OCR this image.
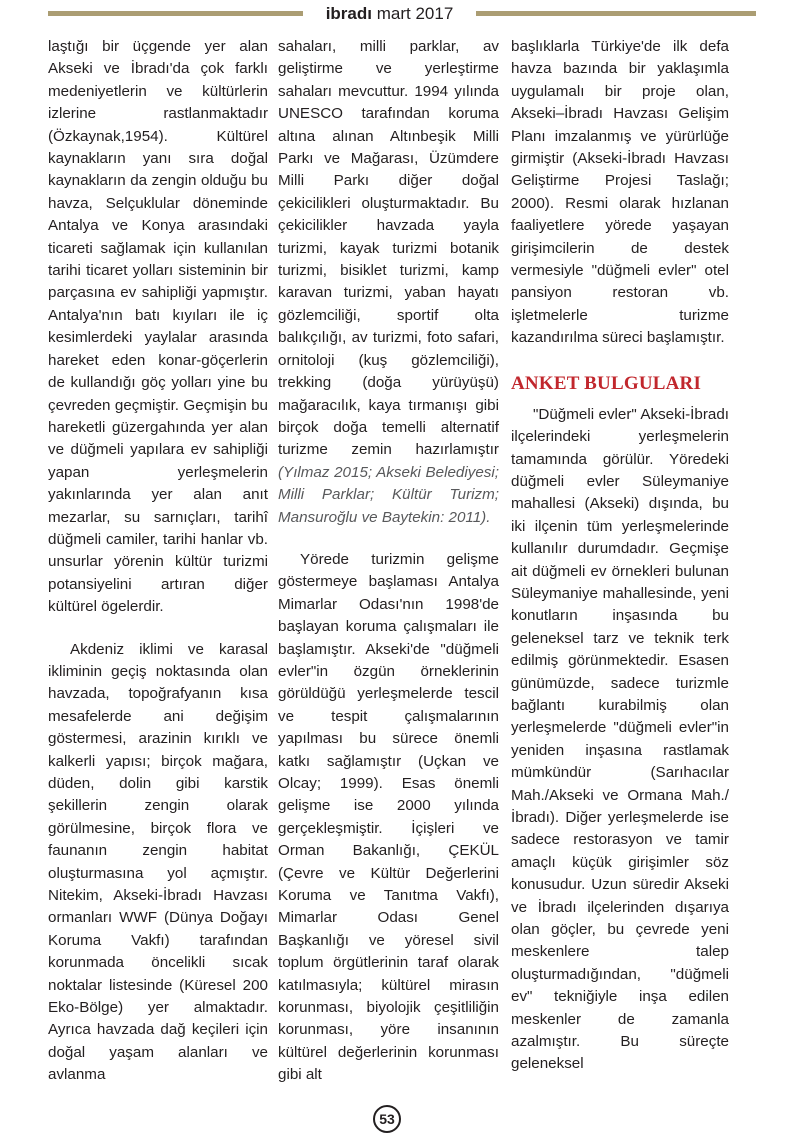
ibradı mart 2017

laştığı bir üçgende yer alan Akseki ve İbradı'da çok farklı medeniyetlerin ve kültürlerin izlerine rastlanmaktadır (Özkaynak,1954). Kültürel kaynakların yanı sıra doğal kaynakların da zengin olduğu bu havza, Selçuklular döneminde Antalya ve Konya arasındaki ticareti sağlamak için kullanılan tarihi ticaret yolları sisteminin bir parçasına ev sahipliği yapmıştır. Antalya'nın batı kıyıları ile iç kesimlerdeki yaylalar arasında hareket eden konar-göçerlerin de kullandığı göç yolları yine bu çevreden geçmiştir. Geçmişin bu hareketli güzergahında yer alan ve düğmeli yapılara ev sahipliği yapan yerleşmelerin yakınlarında yer alan anıt mezarlar, su sarnıçları, tarihî düğmeli camiler, tarihi hanlar vb. unsurlar yörenin kültür turizmi potansiyelini artıran diğer kültürel ögelerdir.

Akdeniz iklimi ve karasal ikliminin geçiş noktasında olan havzada, topoğrafyanın kısa mesafelerde ani değişim göstermesi, arazinin kırıklı ve kalkerli yapısı; birçok mağara, düden, dolin gibi karstik şekillerin zengin olarak görülmesine, birçok flora ve faunanın zengin habitat oluşturmasına yol açmıştır. Nitekim, Akseki-İbradı Havzası ormanları WWF (Dünya Doğayı Koruma Vakfı) tarafından korunmada öncelikli sıcak noktalar listesinde (Küresel 200 Eko-Bölge) yer almaktadır. Ayrıca havzada dağ keçileri için doğal yaşam alanları ve avlanma

sahaları, milli parklar, av geliştirme ve yerleştirme sahaları mevcuttur. 1994 yılında UNESCO tarafından koruma altına alınan Altınbeşik Milli Parkı ve Mağarası, Üzümdere Milli Parkı diğer doğal çekicilikleri oluşturmaktadır. Bu çekicilikler havzada yayla turizmi, kayak turizmi botanik turizmi, bisiklet turizmi, kamp karavan turizmi, yaban hayatı gözlemciliği, sportif olta balıkçılığı, av turizmi, foto safari, ornitoloji (kuş gözlemciliği), trekking (doğa yürüyüşü) mağaracılık, kaya tırmanışı gibi birçok doğa temelli alternatif turizme zemin hazırlamıştır (Yılmaz 2015; Akseki Belediyesi; Milli Parklar; Kültür Turizm; Mansuroğlu ve Baytekin: 2011).

Yörede turizmin gelişme göstermeye başlaması Antalya Mimarlar Odası'nın 1998'de başlayan koruma çalışmaları ile başlamıştır. Akseki'de "düğmeli evler"in özgün örneklerinin görüldüğü yerleşmelerde tescil ve tespit çalışmalarının yapılması bu sürece önemli katkı sağlamıştır (Uçkan ve Olcay; 1999). Esas önemli gelişme ise 2000 yılında gerçekleşmiştir. İçişleri ve Orman Bakanlığı, ÇEKÜL (Çevre ve Kültür Değerlerini Koruma ve Tanıtma Vakfı), Mimarlar Odası Genel Başkanlığı ve yöresel sivil toplum örgütlerinin taraf olarak katılmasıyla; kültürel mirasın korunması, biyolojik çeşitliliğin korunması, yöre insanının kültürel değerlerinin korunması gibi alt

başlıklarla Türkiye'de ilk defa havza bazında bir yaklaşımla uygulamalı bir proje olan, Akseki–İbradı Havzası Gelişim Planı imzalanmış ve yürürlüğe girmiştir (Akseki-İbradı Havzası Geliştirme Projesi Taslağı; 2000). Resmi olarak hızlanan faaliyetlere yörede yaşayan girişimcilerin de destek vermesiyle "düğmeli evler" otel pansiyon restoran vb. işletmelerle turizme kazandırılma süreci başlamıştır.

ANKET BULGULARI

"Düğmeli evler" Akseki-İbradı ilçelerindeki yerleşmelerin tamamında görülür. Yöredeki düğmeli evler Süleymaniye mahallesi (Akseki) dışında, bu iki ilçenin tüm yerleşmelerinde kullanılır durumdadır. Geçmişe ait düğmeli ev örnekleri bulunan Süleymaniye mahallesinde, yeni konutların inşasında bu geleneksel tarz ve teknik terk edilmiş görünmektedir. Esasen günümüzde, sadece turizmle bağlantı kurabilmiş olan yerleşmelerde "düğmeli evler"in yeniden inşasına rastlamak mümkündür (Sarıhacılar Mah./Akseki ve Ormana Mah./İbradı). Diğer yerleşmelerde ise sadece restorasyon ve tamir amaçlı küçük girişimler söz konusudur. Uzun süredir Akseki ve İbradı ilçelerinden dışarıya olan göçler, bu çevrede yeni meskenlere talep oluşturmadığından, "düğmeli ev" tekniğiyle inşa edilen meskenler de zamanla azalmıştır. Bu süreçte geleneksel

53
